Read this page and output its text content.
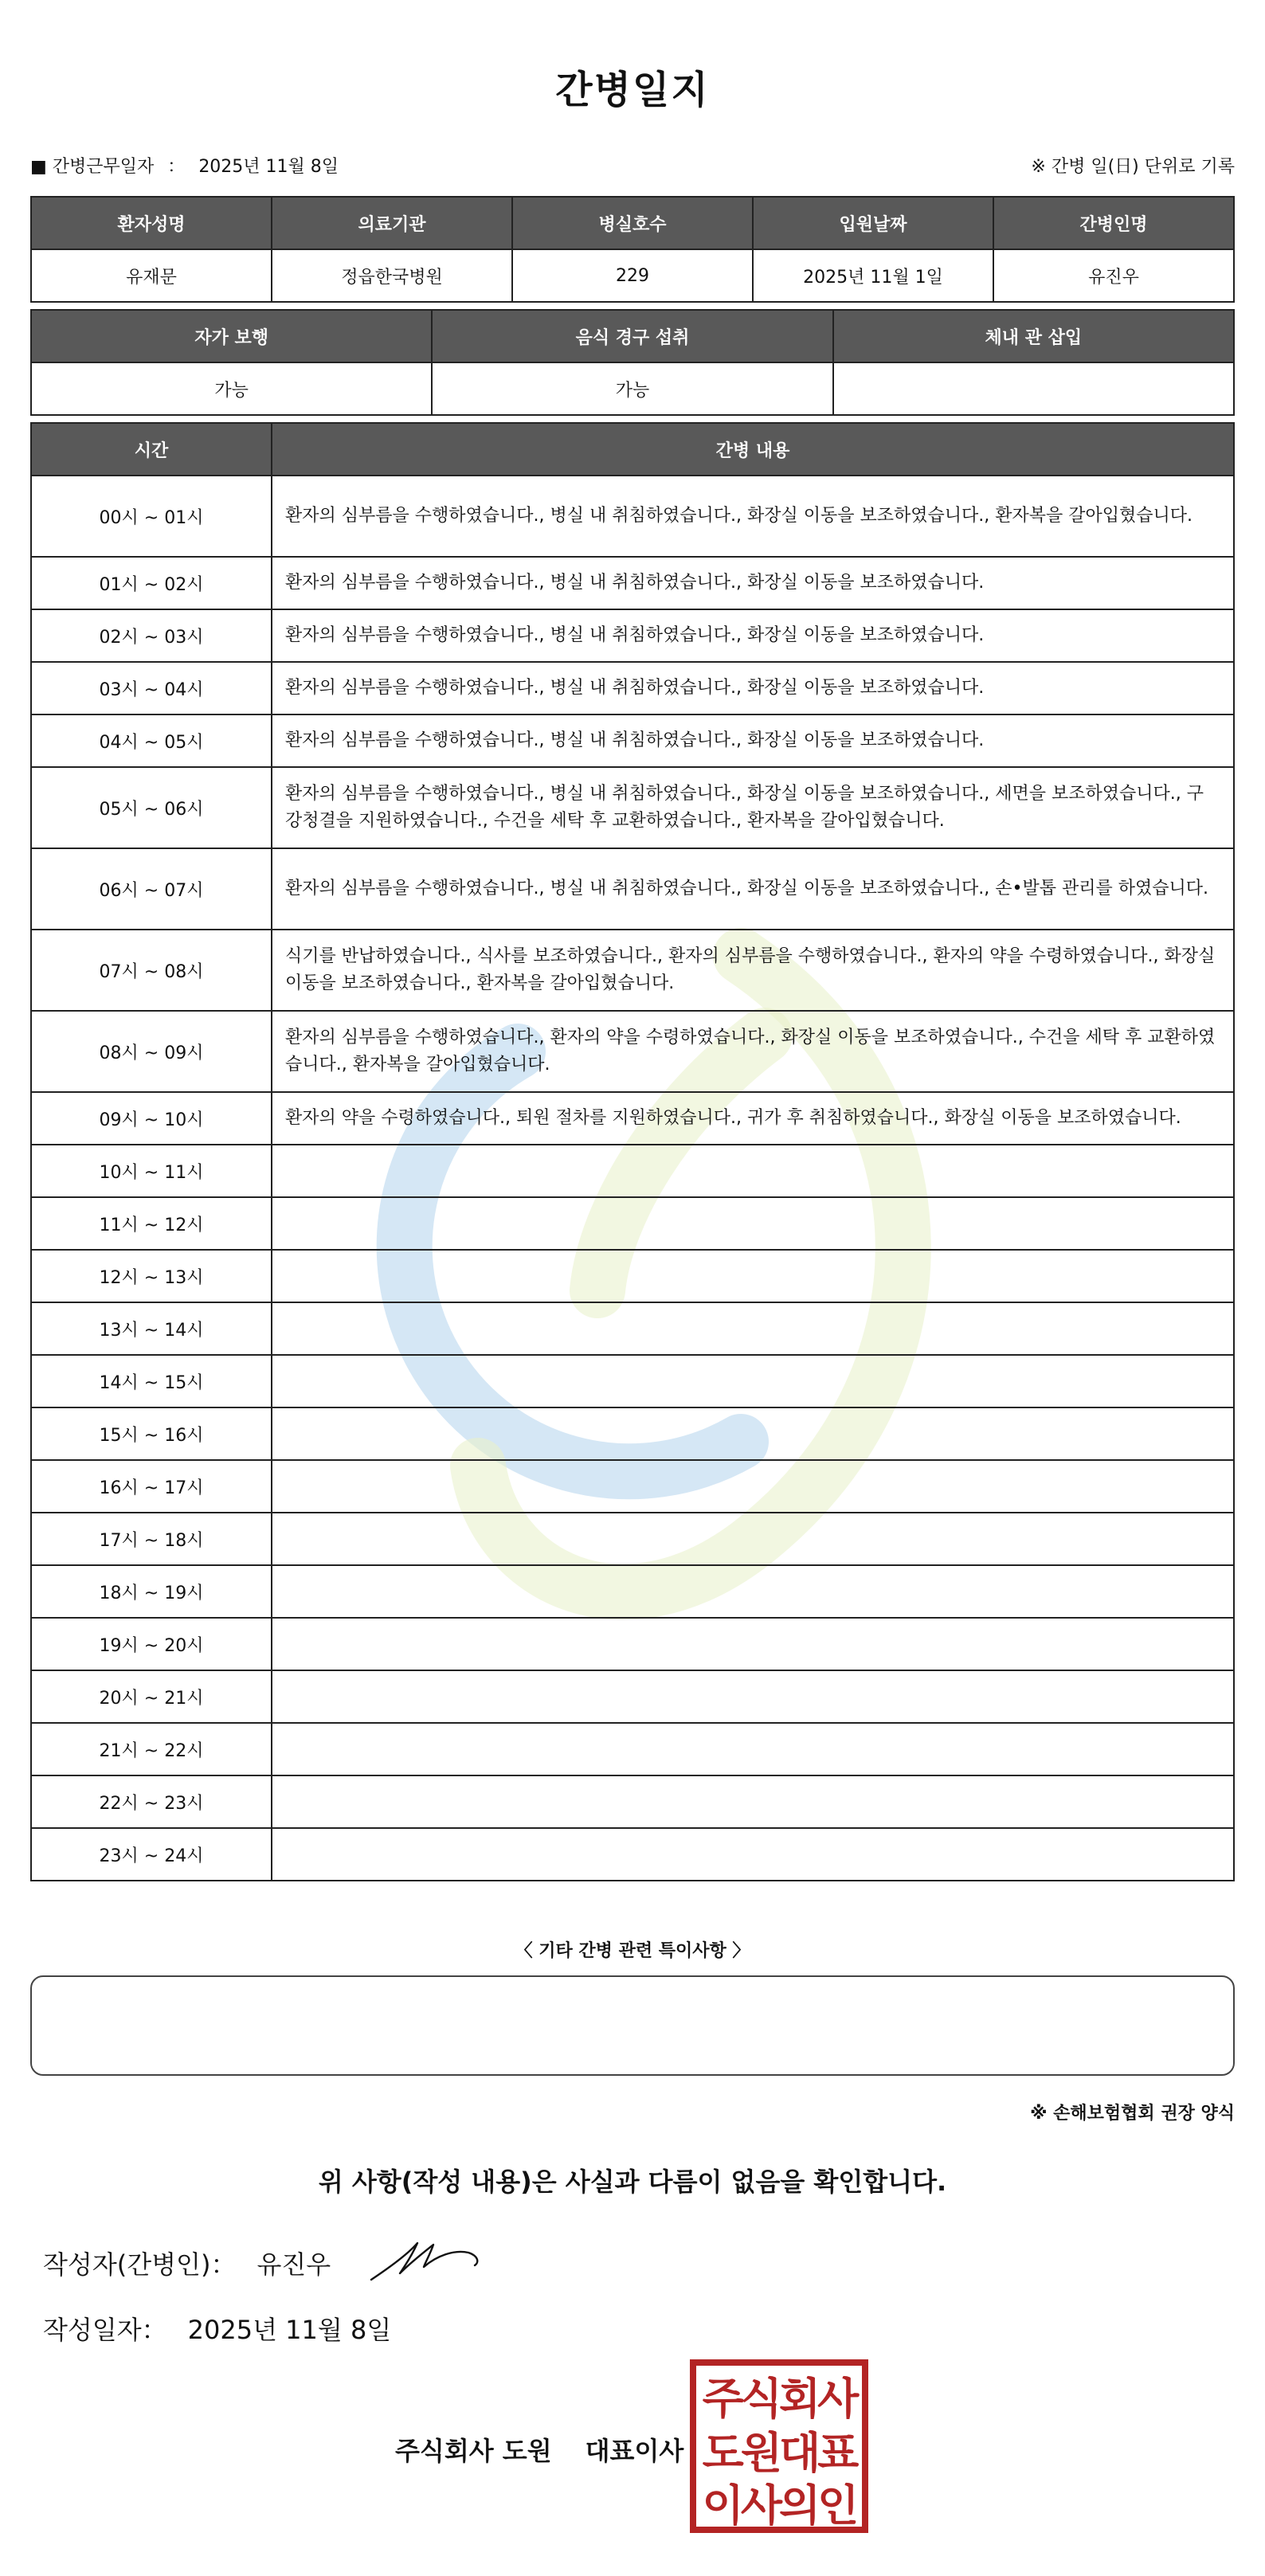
간병일지
■ 간병근무일자 ： 2025년 11월 8일	※ 간병 일(日) 단위로 기록
환자성명	의료기관	병실호수	입원날짜	간병인명
유재문	정읍한국병원	229	2025년 11월 1일	유진우
자가 보행	음식 경구 섭취	체내 관 삽입
가능	가능	
시간	간병 내용
00시 ~ 01시	환자의 심부름을 수행하였습니다., 병실 내 취침하였습니다., 화장실 이동을 보조하였습니다., 환자복을 갈아입혔습니다.
01시 ~ 02시	환자의 심부름을 수행하였습니다., 병실 내 취침하였습니다., 화장실 이동을 보조하였습니다.
02시 ~ 03시	환자의 심부름을 수행하였습니다., 병실 내 취침하였습니다., 화장실 이동을 보조하였습니다.
03시 ~ 04시	환자의 심부름을 수행하였습니다., 병실 내 취침하였습니다., 화장실 이동을 보조하였습니다.
04시 ~ 05시	환자의 심부름을 수행하였습니다., 병실 내 취침하였습니다., 화장실 이동을 보조하였습니다.
05시 ~ 06시	환자의 심부름을 수행하였습니다., 병실 내 취침하였습니다., 화장실 이동을 보조하였습니다., 세면을 보조하였습니다., 구강청결을 지원하였습니다., 수건을 세탁 후 교환하였습니다., 환자복을 갈아입혔습니다.
06시 ~ 07시	환자의 심부름을 수행하였습니다., 병실 내 취침하였습니다., 화장실 이동을 보조하였습니다., 손•발톱 관리를 하였습니다.
07시 ~ 08시	식기를 반납하였습니다., 식사를 보조하였습니다., 환자의 심부름을 수행하였습니다., 환자의 약을 수령하였습니다., 화장실 이동을 보조하였습니다., 환자복을 갈아입혔습니다.
08시 ~ 09시	환자의 심부름을 수행하였습니다., 환자의 약을 수령하였습니다., 화장실 이동을 보조하였습니다., 수건을 세탁 후 교환하였습니다., 환자복을 갈아입혔습니다.
09시 ~ 10시	환자의 약을 수령하였습니다., 퇴원 절차를 지원하였습니다., 귀가 후 취침하였습니다., 화장실 이동을 보조하였습니다.
10시 ~ 11시	
11시 ~ 12시	
12시 ~ 13시	
13시 ~ 14시	
14시 ~ 15시	
15시 ~ 16시	
16시 ~ 17시	
17시 ~ 18시	
18시 ~ 19시	
19시 ~ 20시	
20시 ~ 21시	
21시 ~ 22시	
22시 ~ 23시	
23시 ~ 24시	
〈 기타 간병 관련 특이사항 〉
※ 손해보험협회 권장 양식
위 사항(작성 내용)은 사실과 다름이 없음을 확인합니다.
작성자(간병인)： 유진우
작성일자： 2025년 11월 8일
주식회사 도원 대표이사
주식회사
도원대표
이사의인
